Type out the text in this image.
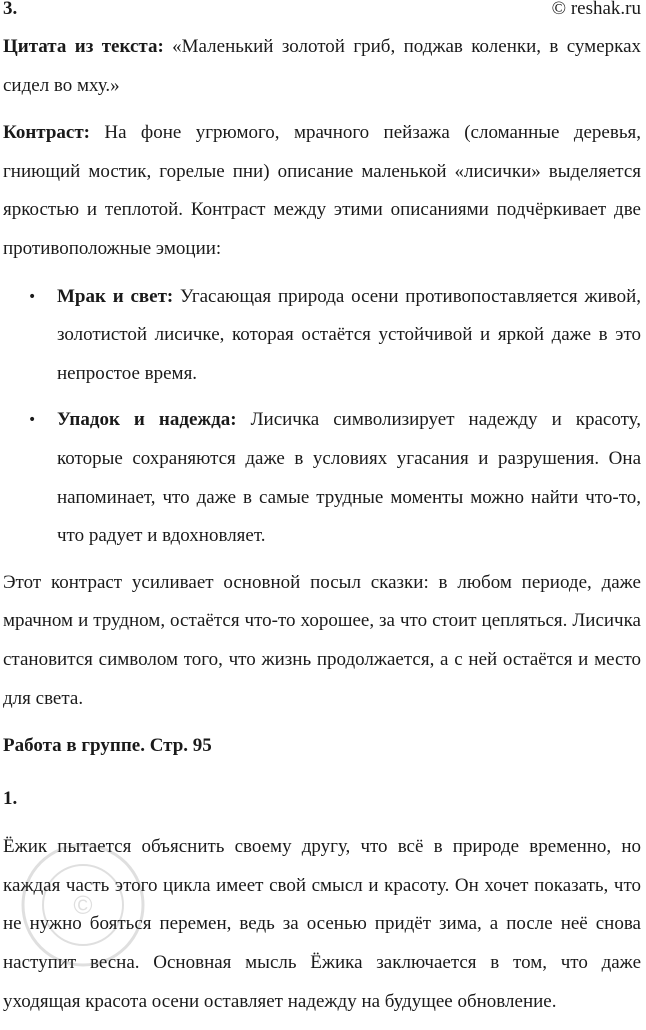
3.	© reshak.ru

Цитата из текста: «Маленький золотой гриб, поджав коленки, в сумерках сидел во мху.»

Контраст: На фоне угрюмого, мрачного пейзажа (сломанные деревья, гниющий мостик, горелые пни) описание маленькой «лисички» выделяется яркостью и теплотой. Контраст между этими описаниями подчёркивает две противоположные эмоции:

• Мрак и свет: Угасающая природа осени противопоставляется живой, золотистой лисичке, которая остаётся устойчивой и яркой даже в это непростое время.
• Упадок и надежда: Лисичка символизирует надежду и красоту, которые сохраняются даже в условиях угасания и разрушения. Она напоминает, что даже в самые трудные моменты можно найти что-то, что радует и вдохновляет.

Этот контраст усиливает основной посыл сказки: в любом периоде, даже мрачном и трудном, остаётся что-то хорошее, за что стоит цепляться. Лисичка становится символом того, что жизнь продолжается, а с ней остаётся и место для света.

Работа в группе. Стр. 95
1.

Ёжик пытается объяснить своему другу, что всё в природе временно, но каждая часть этого цикла имеет свой смысл и красоту. Он хочет показать, что не нужно бояться перемен, ведь за осенью придёт зима, а после неё снова наступит весна. Основная мысль Ёжика заключается в том, что даже уходящая красота осени оставляет надежду на будущее обновление.

©
